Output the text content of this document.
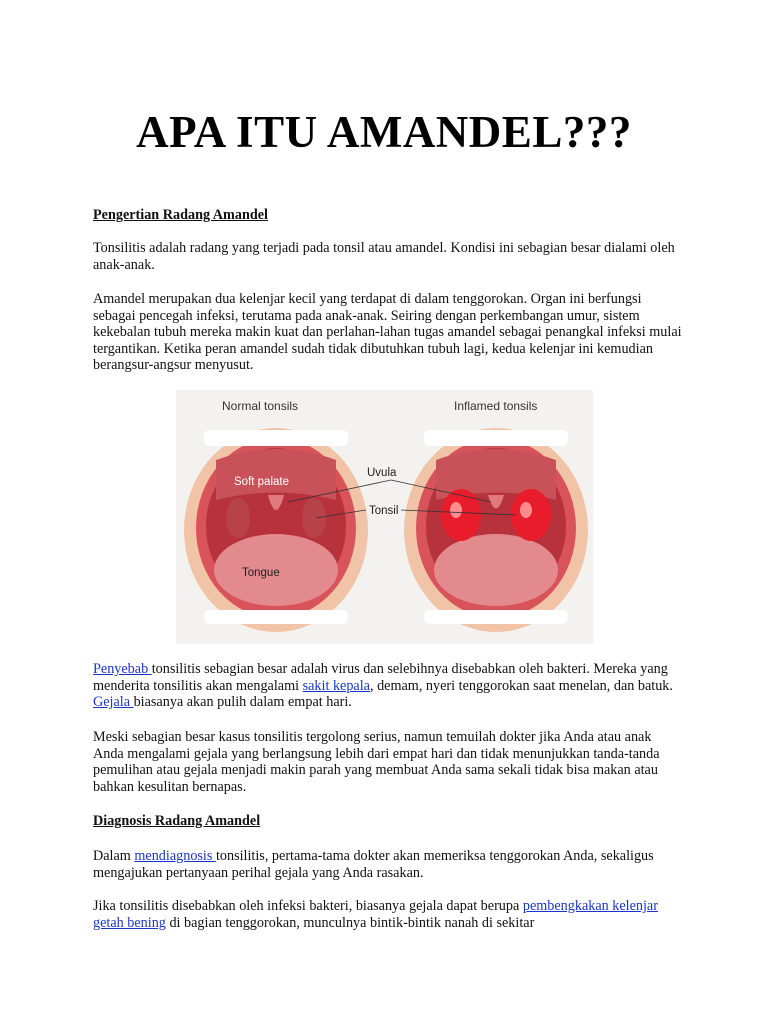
APA ITU AMANDEL???

Pengertian Radang Amandel

Tonsilitis adalah radang yang terjadi pada tonsil atau amandel. Kondisi ini sebagian besar dialami oleh anak-anak.

Amandel merupakan dua kelenjar kecil yang terdapat di dalam tenggorokan. Organ ini berfungsi sebagai pencegah infeksi, terutama pada anak-anak. Seiring dengan perkembangan umur, sistem kekebalan tubuh mereka makin kuat dan perlahan-lahan tugas amandel sebagai penangkal infeksi mulai tergantikan. Ketika peran amandel sudah tidak dibutuhkan tubuh lagi, kedua kelenjar ini kemudian berangsur-angsur menyusut.

Normal tonsils	Inflamed tonsils
Soft palate
Uvula
Tonsil
Tongue

Penyebab tonsilitis sebagian besar adalah virus dan selebihnya disebabkan oleh bakteri. Mereka yang menderita tonsilitis akan mengalami sakit kepala, demam, nyeri tenggorokan saat menelan, dan batuk. Gejala biasanya akan pulih dalam empat hari.

Meski sebagian besar kasus tonsilitis tergolong serius, namun temuilah dokter jika Anda atau anak Anda mengalami gejala yang berlangsung lebih dari empat hari dan tidak menunjukkan tanda-tanda pemulihan atau gejala menjadi makin parah yang membuat Anda sama sekali tidak bisa makan atau bahkan kesulitan bernapas.

Diagnosis Radang Amandel

Dalam mendiagnosis tonsilitis, pertama-tama dokter akan memeriksa tenggorokan Anda, sekaligus mengajukan pertanyaan perihal gejala yang Anda rasakan.

Jika tonsilitis disebabkan oleh infeksi bakteri, biasanya gejala dapat berupa pembengkakan kelenjar getah bening di bagian tenggorokan, munculnya bintik-bintik nanah di sekitar
